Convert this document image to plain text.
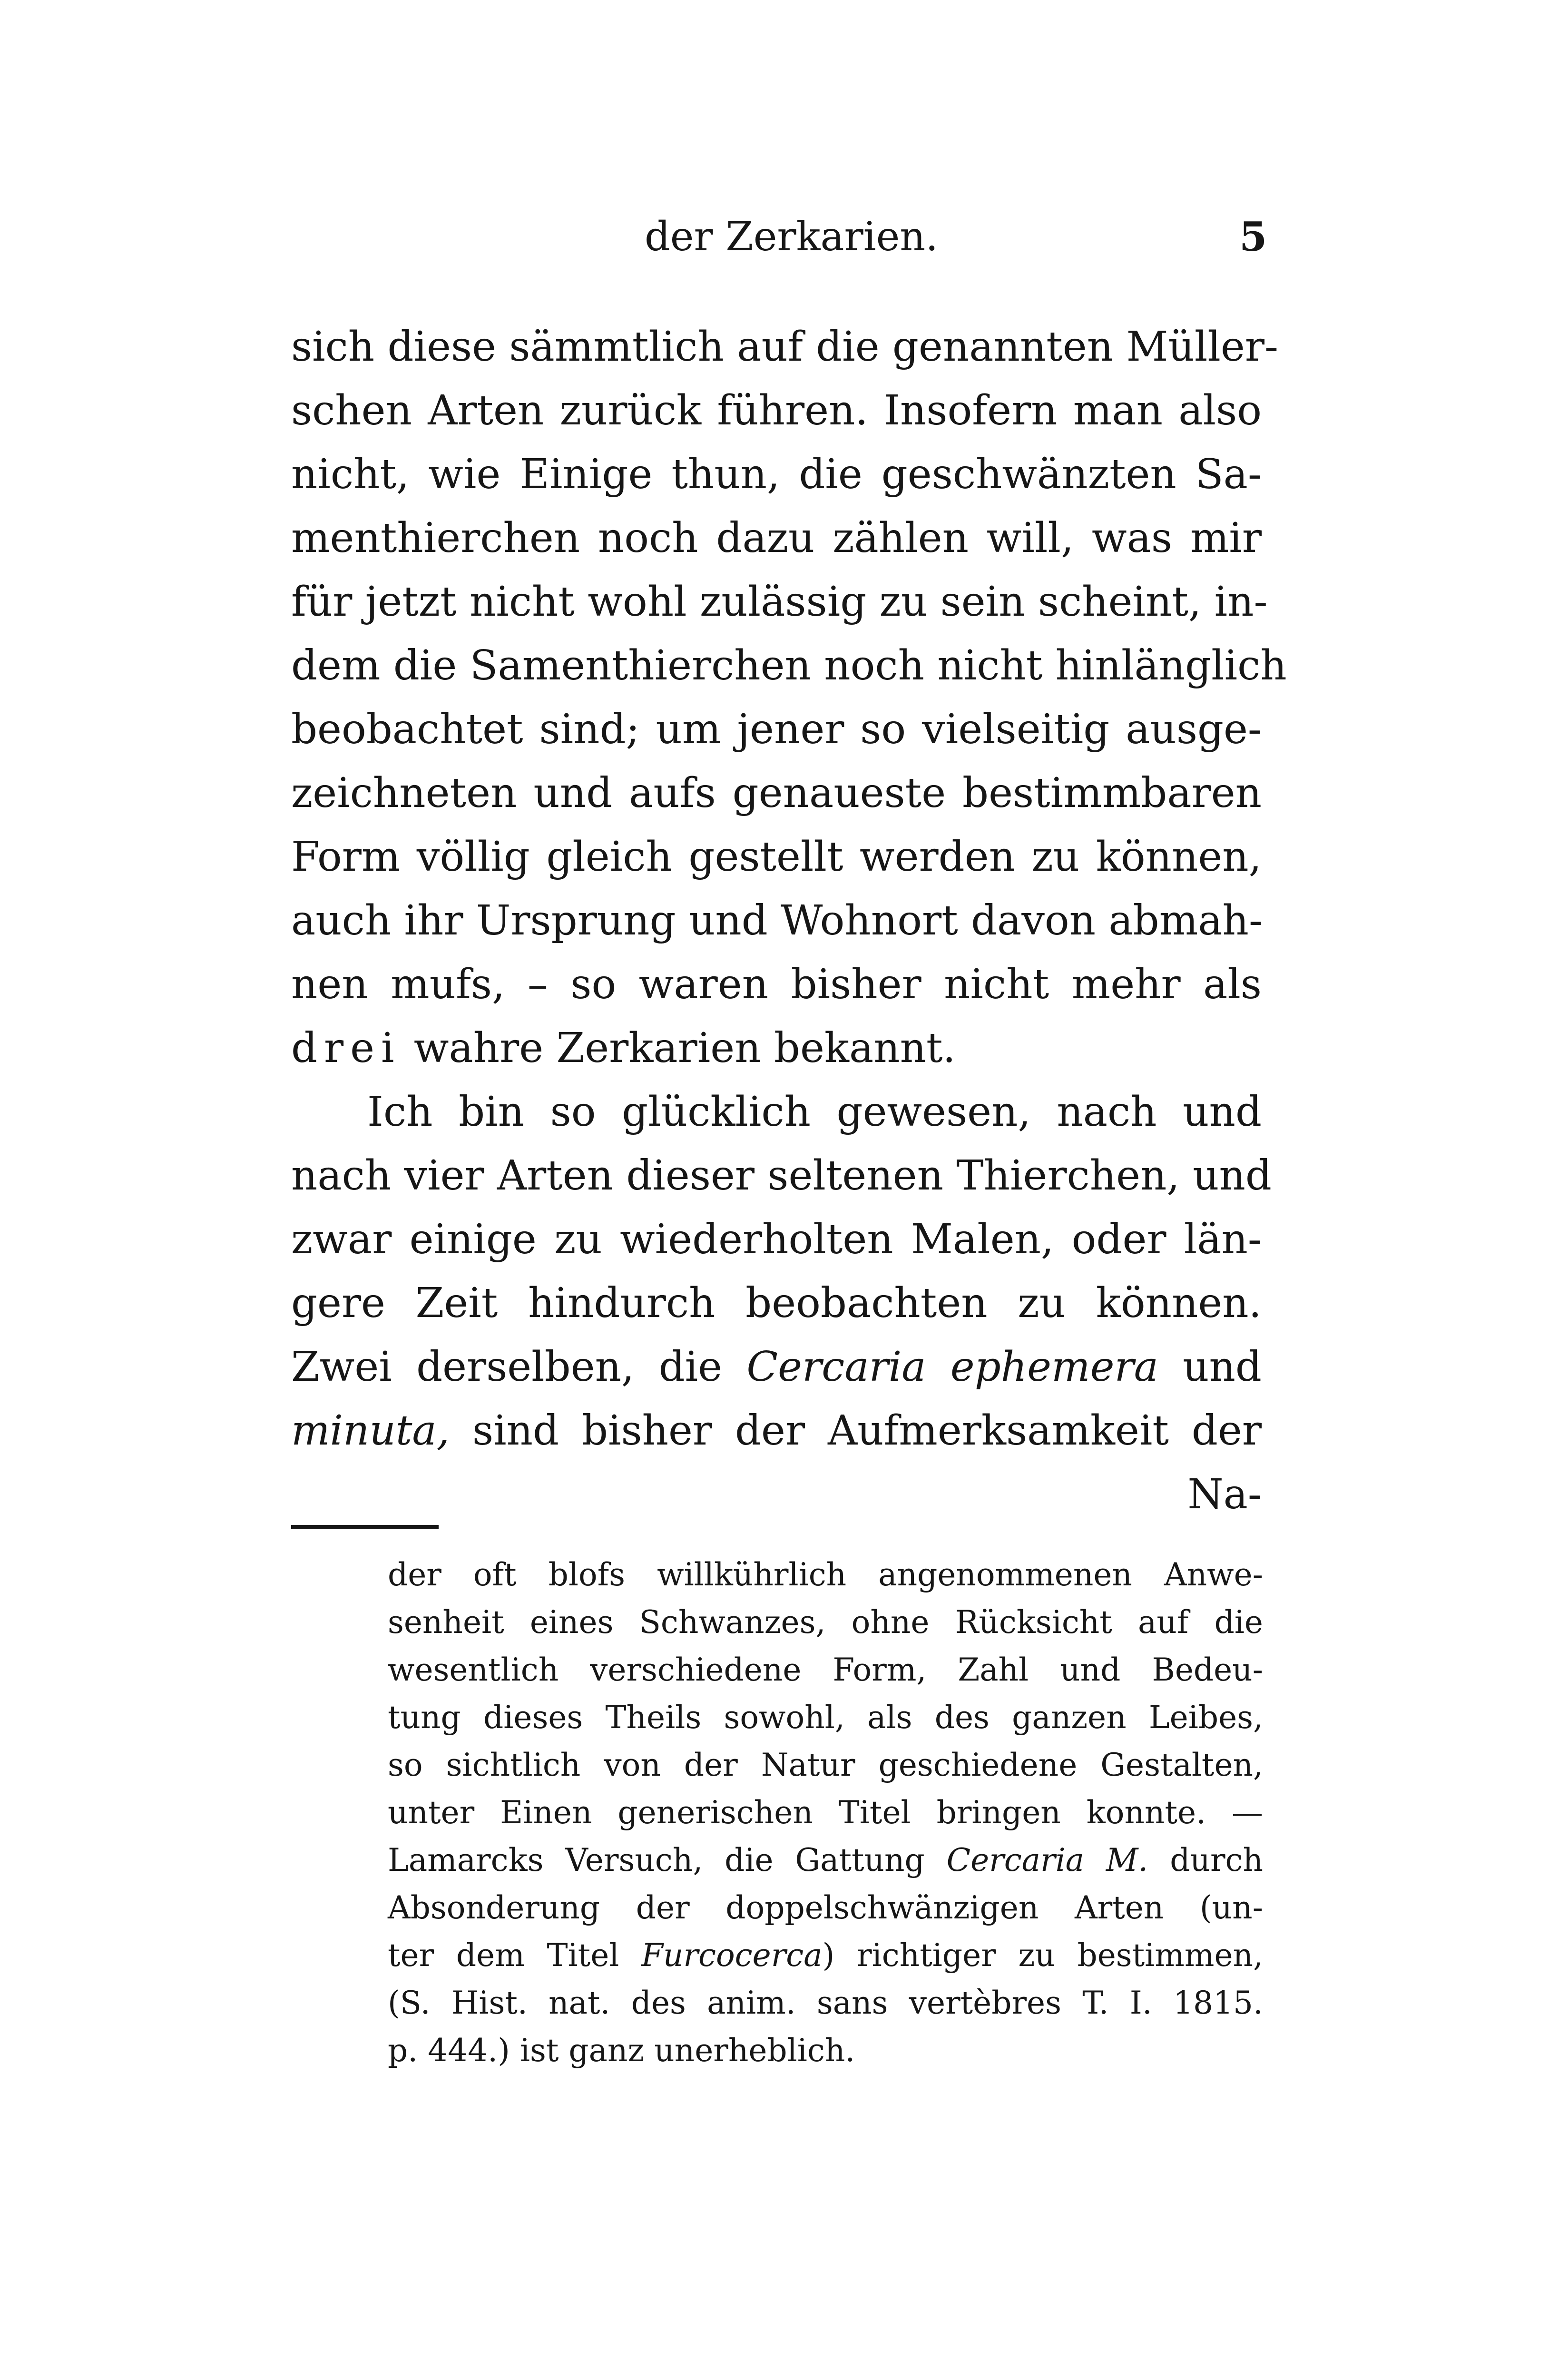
der Zerkarien.	5
sich diese sämmtlich auf die genannten Müller-
schen Arten zurück führen. Insofern man also
nicht, wie Einige thun, die geschwänzten Sa-
menthierchen noch dazu zählen will, was mir
für jetzt nicht wohl zulässig zu sein scheint, in-
dem die Samenthierchen noch nicht hinlänglich
beobachtet sind; um jener so vielseitig ausge-
zeichneten und aufs genaueste bestimmbaren
Form völlig gleich gestellt werden zu können,
auch ihr Ursprung und Wohnort davon abmah-
nen mufs, – so waren bisher nicht mehr als
drei wahre Zerkarien bekannt.
Ich bin so glücklich gewesen, nach und
nach vier Arten dieser seltenen Thierchen, und
zwar einige zu wiederholten Malen, oder län-
gere Zeit hindurch beobachten zu können.
Zwei derselben, die Cercaria ephemera und
minuta, sind bisher der Aufmerksamkeit der
Na-
der oft blofs willkührlich angenommenen Anwe-
senheit eines Schwanzes, ohne Rücksicht auf die
wesentlich verschiedene Form, Zahl und Bedeu-
tung dieses Theils sowohl, als des ganzen Leibes,
so sichtlich von der Natur geschiedene Gestalten,
unter Einen generischen Titel bringen konnte. —
Lamarcks Versuch, die Gattung Cercaria M. durch
Absonderung der doppelschwänzigen Arten (un-
ter dem Titel Furcocerca) richtiger zu bestimmen,
(S. Hist. nat. des anim. sans vertèbres T. I. 1815.
p. 444.) ist ganz unerheblich.
